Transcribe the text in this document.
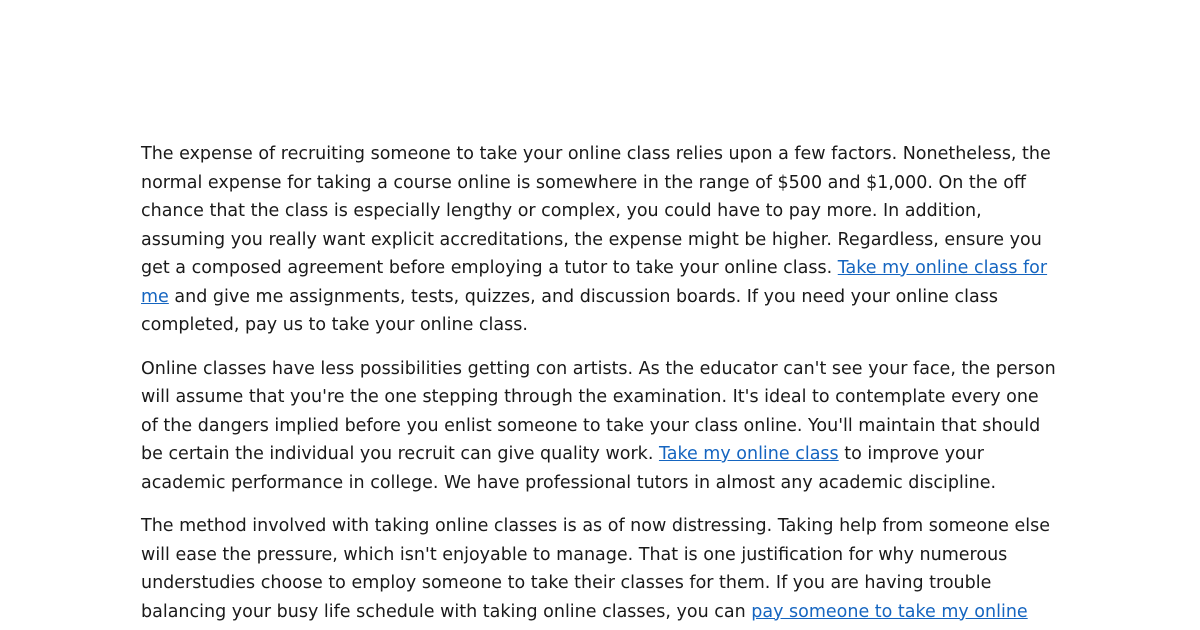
The expense of recruiting someone to take your online class relies upon a few factors. Nonetheless, the normal expense for taking a course online is somewhere in the range of $500 and $1,000. On the off chance that the class is especially lengthy or complex, you could have to pay more. In addition, assuming you really want explicit accreditations, the expense might be higher. Regardless, ensure you get a composed agreement before employing a tutor to take your online class. Take my online class for me and give me assignments, tests, quizzes, and discussion boards. If you need your online class completed, pay us to take your online class.

Online classes have less possibilities getting con artists. As the educator can't see your face, the person will assume that you're the one stepping through the examination. It's ideal to contemplate every one of the dangers implied before you enlist someone to take your class online. You'll maintain that should be certain the individual you recruit can give quality work. Take my online class to improve your academic performance in college. We have professional tutors in almost any academic discipline.

The method involved with taking online classes is as of now distressing. Taking help from someone else will ease the pressure, which isn't enjoyable to manage. That is one justification for why numerous understudies choose to employ someone to take their classes for them. If you are having trouble balancing your busy life schedule with taking online classes, you can pay someone to take my online
